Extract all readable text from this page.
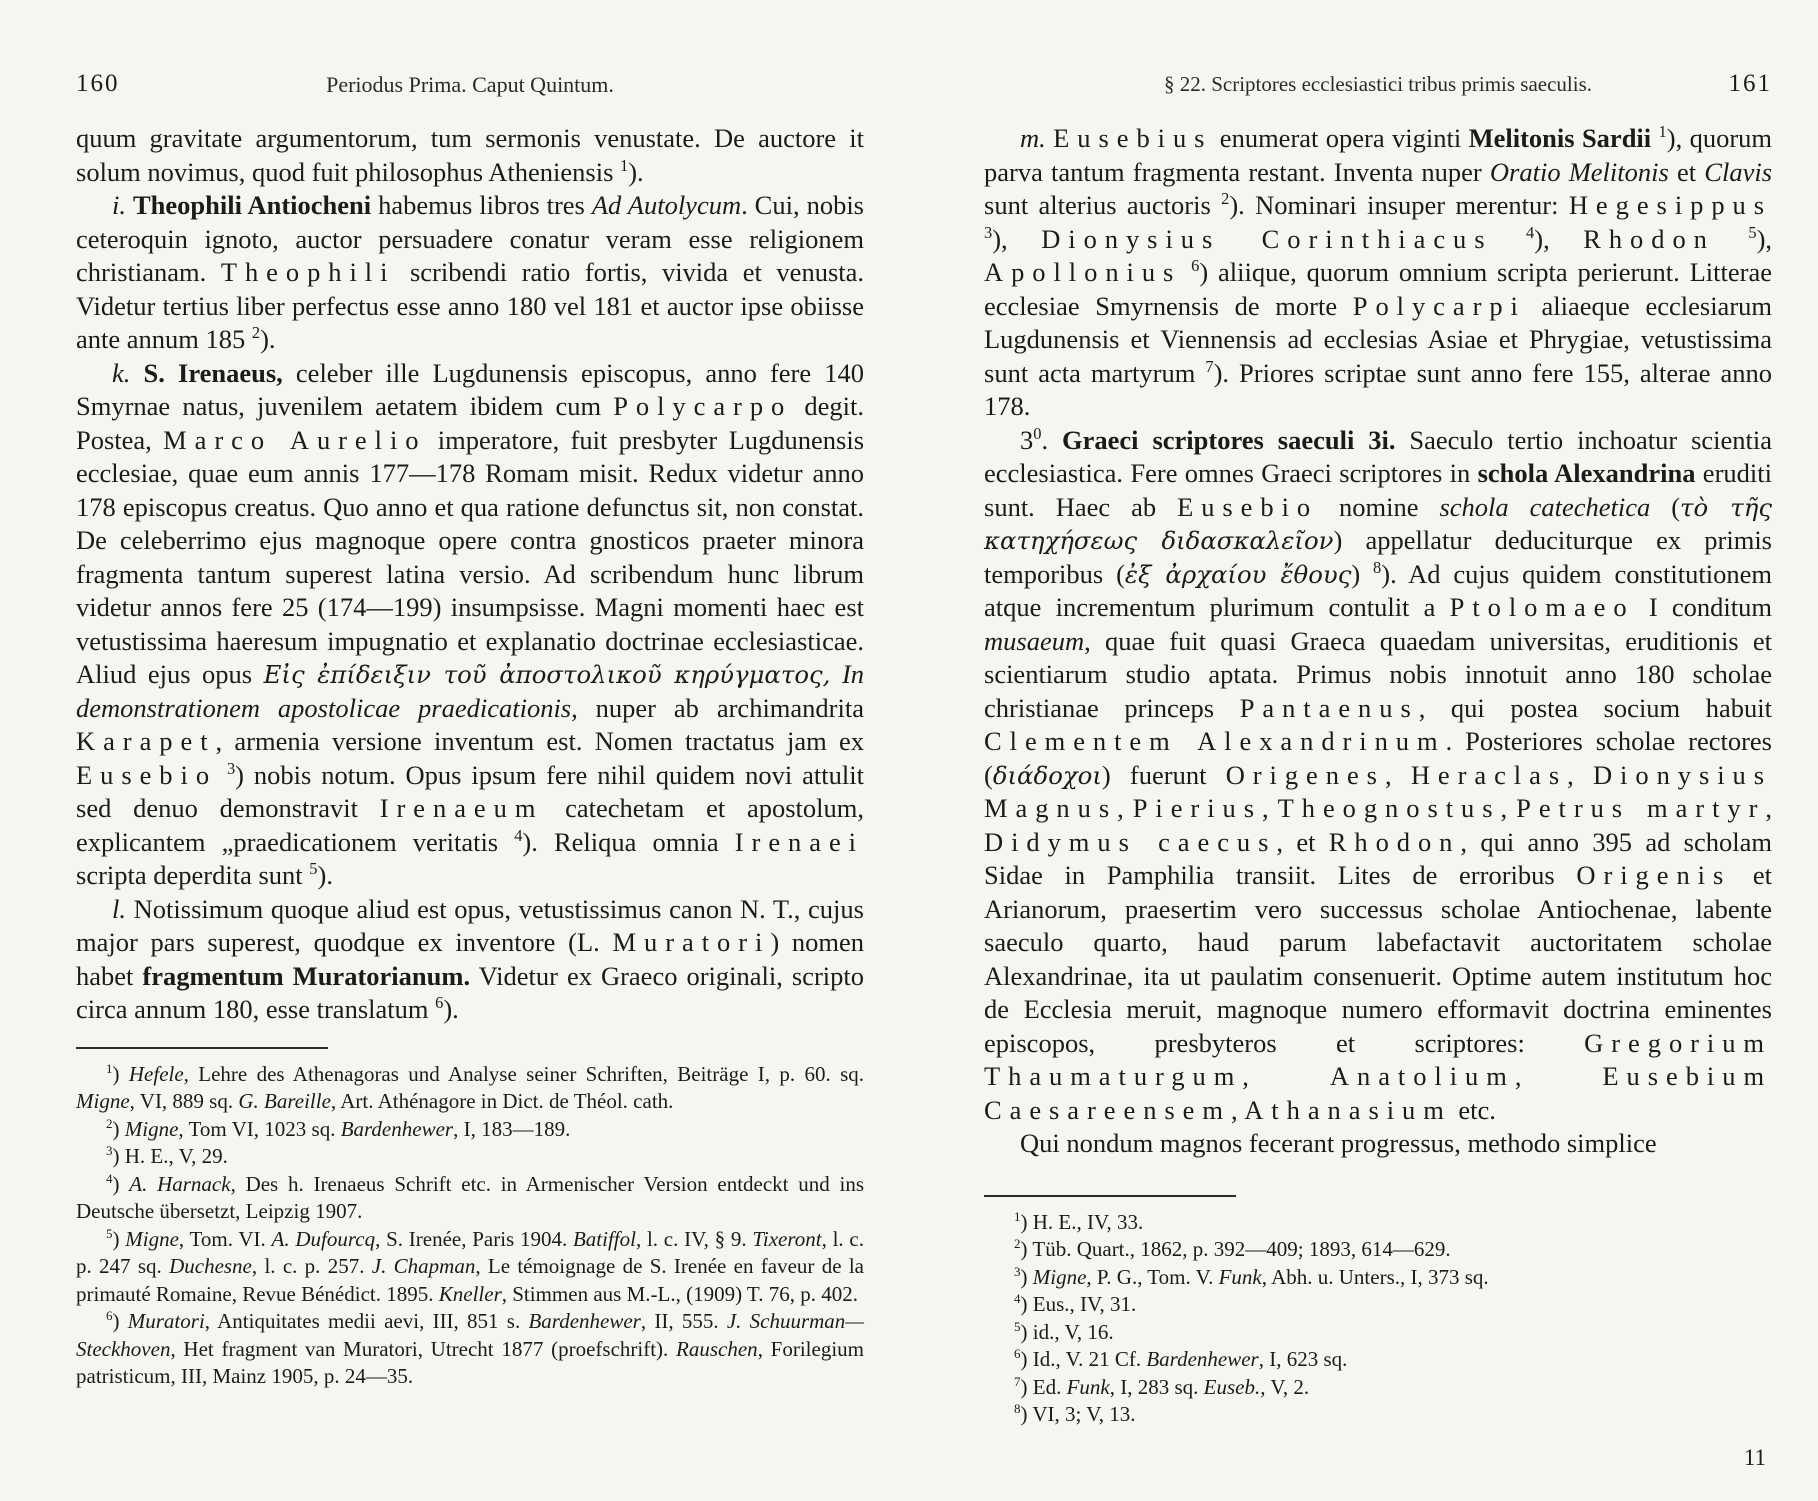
160	Periodus Prima. Caput Quintum.

quum gravitate argumentorum, tum sermonis venustate. De auctore it solum novimus, quod fuit philosophus Atheniensis $^1$).

i. Theophili Antiocheni habemus libros tres Ad Autolycum. Cui, nobis ceteroquin ignoto, auctor persuadere conatur veram esse religionem christianam. Theophili scribendi ratio fortis, vivida et venusta. Videtur tertius liber perfectus esse anno 180 vel 181 et auctor ipse obiisse ante annum 185 $^2$).

k. S. Irenaeus, celeber ille Lugdunensis episcopus, anno fere 140 Smyrnae natus, juvenilem aetatem ibidem cum Polycarpo degit. Postea, Marco Aurelio imperatore, fuit presbyter Lugdunensis ecclesiae, quae eum annis 177—178 Romam misit. Redux videtur anno 178 episcopus creatus. Quo anno et qua ratione defunctus sit, non constat. De celeberrimo ejus magnoque opere contra gnosticos praeter minora fragmenta tantum superest latina versio. Ad scribendum hunc librum videtur annos fere 25 (174—199) insumpsisse. Magni momenti haec est vetustissima haeresum impugnatio et explanatio doctrinae ecclesiasticae. Aliud ejus opus Εἰς ἐπίδειξιν τοῦ ἀποστολικοῦ κηρύγματος, In demonstrationem apostolicae praedicationis, nuper ab archimandrita Karapet, armenia versione inventum est. Nomen tractatus jam ex Eusebio $^3$) nobis notum. Opus ipsum fere nihil quidem novi attulit sed denuo demonstravit Irenaeum catechetam et apostolum, explicantem „praedicationem veritatis $^4$). Reliqua omnia Irenaei scripta deperdita sunt $^5$).

l. Notissimum quoque aliud est opus, vetustissimus canon N. T., cujus major pars superest, quodque ex inventore (L. Muratori) nomen habet fragmentum Muratorianum. Videtur ex Graeco originali, scripto circa annum 180, esse translatum $^6$).

$^1$) Hefele, Lehre des Athenagoras und Analyse seiner Schriften, Beiträge I, p. 60. sq. Migne, VI, 889 sq. G. Bareille, Art. Athénagore in Dict. de Théol. cath.

$^2$) Migne, Tom VI, 1023 sq. Bardenhewer, I, 183—189.

$^3$) H. E., V, 29.

$^4$) A. Harnack, Des h. Irenaeus Schrift etc. in Armenischer Version entdeckt und ins Deutsche übersetzt, Leipzig 1907.

$^5$) Migne, Tom. VI. A. Dufourcq, S. Irenée, Paris 1904. Batiffol, l. c. IV, § 9. Tixeront, l. c. p. 247 sq. Duchesne, l. c. p. 257. J. Chapman, Le témoignage de S. Irenée en faveur de la primauté Romaine, Revue Bénédict. 1895. Kneller, Stimmen aus M.-L., (1909) T. 76, p. 402.

$^6$) Muratori, Antiquitates medii aevi, III, 851 s. Bardenhewer, II, 555. J. Schuurman—Steckhoven, Het fragment van Muratori, Utrecht 1877 (proefschrift). Rauschen, Forilegium patristicum, III, Mainz 1905, p. 24—35.

161
§ 22. Scriptores ecclesiastici tribus primis saeculis.

m. Eusebius enumerat opera viginti Melitonis Sardii $^1$), quorum parva tantum fragmenta restant. Inventa nuper Oratio Melitonis et Clavis sunt alterius auctoris $^2$). Nominari insuper merentur: Hegesippus $^3$), Dionysius Corinthiacus $^4$), Rhodon $^5$), Apollonius $^6$) aliique, quorum omnium scripta perierunt. Litterae ecclesiae Smyrnensis de morte Polycarpi aliaeque ecclesiarum Lugdunensis et Viennensis ad ecclesias Asiae et Phrygiae, vetustissima sunt acta martyrum $^7$). Priores scriptae sunt anno fere 155, alterae anno 178.

$3^0$. Graeci scriptores saeculi 3i. Saeculo tertio inchoatur scientia ecclesiastica. Fere omnes Graeci scriptores in schola Alexandrina eruditi sunt. Haec ab Eusebio nomine schola catechetica (τὸ τῆς κατηχήσεως διδασκαλεῖον) appellatur deduciturque ex primis temporibus (ἐξ ἀρχαίου ἔθους) $^8$). Ad cujus quidem constitutionem atque incrementum plurimum contulit a Ptolomaeo I conditum musaeum, quae fuit quasi Graeca quaedam universitas, eruditionis et scientiarum studio aptata. Primus nobis innotuit anno 180 scholae christianae princeps Pantaenus, qui postea socium habuit Clementem Alexandrinum. Posteriores scholae rectores (διάδοχοι) fuerunt Origenes, Heraclas, Dionysius Magnus, Pierius, Theognostus, Petrus martyr, Didymus caecus, et Rhodon, qui anno 395 ad scholam Sidae in Pamphilia transiit. Lites de erroribus Origenis et Arianorum, praesertim vero successus scholae Antiochenae, labente saeculo quarto, haud parum labefactavit auctoritatem scholae Alexandrinae, ita ut paulatim consenuerit. Optime autem institutum hoc de Ecclesia meruit, magnoque numero efformavit doctrina eminentes episcopos, presbyteros et scriptores: Gregorium Thaumaturgum, Anatolium, Eusebium Caesareensem, Athanasium etc.

Qui nondum magnos fecerant progressus, methodo simplice

$^1$) H. E., IV, 33.

$^2$) Tüb. Quart., 1862, p. 392—409; 1893, 614—629.

$^3$) Migne, P. G., Tom. V. Funk, Abh. u. Unters., I, 373 sq.

$^4$) Eus., IV, 31.

$^5$) id., V, 16.

$^6$) Id., V. 21 Cf. Bardenhewer, I, 623 sq.

$^7$) Ed. Funk, I, 283 sq. Euseb., V, 2.

$^8$) VI, 3; V, 13.

11
